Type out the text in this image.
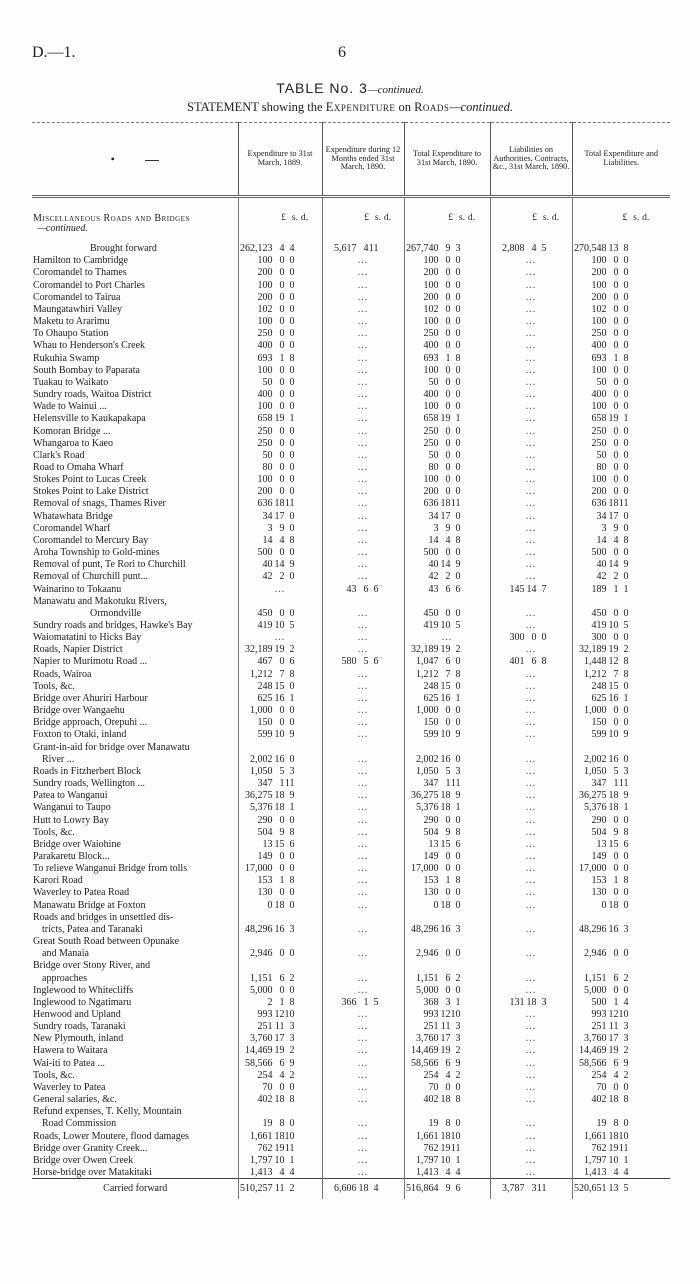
D.—1.	6
TABLE No. 3—continued.
STATEMENT showing the Expenditure on Roads—continued.
•	Expenditure to 31st March, 1889.	Expenditure during 12 Months ended 31st March, 1890.	Total Expenditure to 31st March, 1890.	Liabilities on Authorities, Contracts, &c., 31st March, 1890.	Total Expenditure and Liabilities.
Miscellaneous Roads and Bridges
—continued.	£ s. d.	£ s. d.	£ s. d.	£ s. d.	£ s. d.
Brought forward	262,123 4 4	5,617 411	267,740 9 3	2,808 4 5	270,548 13 8
Hamilton to Cambridge	100 0 0	...	100 0 0	...	100 0 0
Coromandel to Thames	200 0 0	...	200 0 0	...	200 0 0
Coromandel to Port Charles	100 0 0	...	100 0 0	...	100 0 0
Coromandel to Tairua	200 0 0	...	200 0 0	...	200 0 0
Maungatawhiri Valley	102 0 0	...	102 0 0	...	102 0 0
Maketu to Ararimu	100 0 0	...	100 0 0	...	100 0 0
To Ohaupo Station	250 0 0	...	250 0 0	...	250 0 0
Whau to Henderson's Creek	400 0 0	...	400 0 0	...	400 0 0
Rukuhia Swamp	693 1 8	...	693 1 8	...	693 1 8
South Bombay to Paparata	100 0 0	...	100 0 0	...	100 0 0
Tuakau to Waikato	50 0 0	...	50 0 0	...	50 0 0
Sundry roads, Waitoa District	400 0 0	...	400 0 0	...	400 0 0
Wade to Wainui ...	100 0 0	...	100 0 0	...	100 0 0
Helensville to Kaukapakapa	658 19 1	...	658 19 1	...	658 19 1
Komoran Bridge ...	250 0 0	...	250 0 0	...	250 0 0
Whangaroa to Kaeo	250 0 0	...	250 0 0	...	250 0 0
Clark's Road	50 0 0	...	50 0 0	...	50 0 0
Road to Omaha Wharf	80 0 0	...	80 0 0	...	80 0 0
Stokes Point to Lucas Creek	100 0 0	...	100 0 0	...	100 0 0
Stokes Point to Lake District	200 0 0	...	200 0 0	...	200 0 0
Removal of snags, Thames River	636 1811	...	636 1811	...	636 1811
Whatawhata Bridge	34 17 0	...	34 17 0	...	34 17 0
Coromandel Wharf	3 9 0	...	3 9 0	...	3 9 0
Coromandel to Mercury Bay	14 4 8	...	14 4 8	...	14 4 8
Aroha Township to Gold-mines	500 0 0	...	500 0 0	...	500 0 0
Removal of punt, Te Rori to Churchill	40 14 9	...	40 14 9	...	40 14 9
Removal of Churchill punt...	42 2 0	...	42 2 0	...	42 2 0
Wainarino to Tokaanu	...	43 6 6	43 6 6	145 14 7	189 1 1
Manawatu and Makotuku Rivers,					
Ormondville	450 0 0	...	450 0 0	...	450 0 0
Sundry roads and bridges, Hawke's Bay	419 10 5	...	419 10 5	...	419 10 5
Waiomatatini to Hicks Bay	...	...	...	300 0 0	300 0 0
Roads, Napier District	32,189 19 2	...	32,189 19 2	...	32,189 19 2
Napier to Murimotu Road ...	467 0 6	580 5 6	1,047 6 0	401 6 8	1,448 12 8
Roads, Wairoa	1,212 7 8	...	1,212 7 8	...	1,212 7 8
Tools, &c.	248 15 0	...	248 15 0	...	248 15 0
Bridge over Ahuriri Harbour	625 16 1	...	625 16 1	...	625 16 1
Bridge over Wangaehu	1,000 0 0	...	1,000 0 0	...	1,000 0 0
Bridge approach, Orepuhi ...	150 0 0	...	150 0 0	...	150 0 0
Foxton to Otaki, inland	599 10 9	...	599 10 9	...	599 10 9
Grant-in-aid for bridge over Manawatu					
River ...	2,002 16 0	...	2,002 16 0	...	2,002 16 0
Roads in Fitzherbert Block	1,050 5 3	...	1,050 5 3	...	1,050 5 3
Sundry roads, Wellington ...	347 111	...	347 111	...	347 111
Patea to Wanganui	36,275 18 9	...	36,275 18 9	...	36,275 18 9
Wanganui to Taupo	5,376 18 1	...	5,376 18 1	...	5,376 18 1
Hutt to Lowry Bay	290 0 0	...	290 0 0	...	290 0 0
Tools, &c.	504 9 8	...	504 9 8	...	504 9 8
Bridge over Waiohine	13 15 6	...	13 15 6	...	13 15 6
Parakaretu Block...	149 0 0	...	149 0 0	...	149 0 0
To relieve Wanganui Bridge from tolls	17,000 0 0	...	17,000 0 0	...	17,000 0 0
Karori Road	153 1 8	...	153 1 8	...	153 1 8
Waverley to Patea Road	130 0 0	...	130 0 0	...	130 0 0
Manawatu Bridge at Foxton	0 18 0	...	0 18 0	...	0 18 0
Roads and bridges in unsettled dis-					
tricts, Patea and Taranaki	48,296 16 3	...	48,296 16 3	...	48,296 16 3
Great South Road between Opunake					
and Manaia	2,946 0 0	...	2,946 0 0	...	2,946 0 0
Bridge over Stony River, and					
approaches	1,151 6 2	...	1,151 6 2	...	1,151 6 2
Inglewood to Whitecliffs	5,000 0 0	...	5,000 0 0	...	5,000 0 0
Inglewood to Ngatimaru	2 1 8	366 1 5	368 3 1	131 18 3	500 1 4
Henwood and Upland	993 1210	...	993 1210	...	993 1210
Sundry roads, Taranaki	251 11 3	...	251 11 3	...	251 11 3
New Plymouth, inland	3,760 17 3	...	3,760 17 3	...	3,760 17 3
Hawera to Waitara	14,469 19 2	...	14,469 19 2	...	14,469 19 2
Wai-iti to Patea ...	58,566 6 9	...	58,566 6 9	...	58,566 6 9
Tools, &c.	254 4 2	...	254 4 2	...	254 4 2
Waverley to Patea	70 0 0	...	70 0 0	...	70 0 0
General salaries, &c.	402 18 8	...	402 18 8	...	402 18 8
Refund expenses, T. Kelly, Mountain					
Road Commission	19 8 0	...	19 8 0	...	19 8 0
Roads, Lower Moutere, flood damages	1,661 1810	...	1,661 1810	...	1,661 1810
Bridge over Granity Creek...	762 1911	...	762 1911	...	762 1911
Bridge over Owen Creek	1,797 10 1	...	1,797 10 1	...	1,797 10 1
Horse-bridge over Matakitaki	1,413 4 4	...	1,413 4 4	...	1,413 4 4
Carried forward	510,257 11 2	6,606 18 4	516,864 9 6	3,787 311	520,651 13 5
